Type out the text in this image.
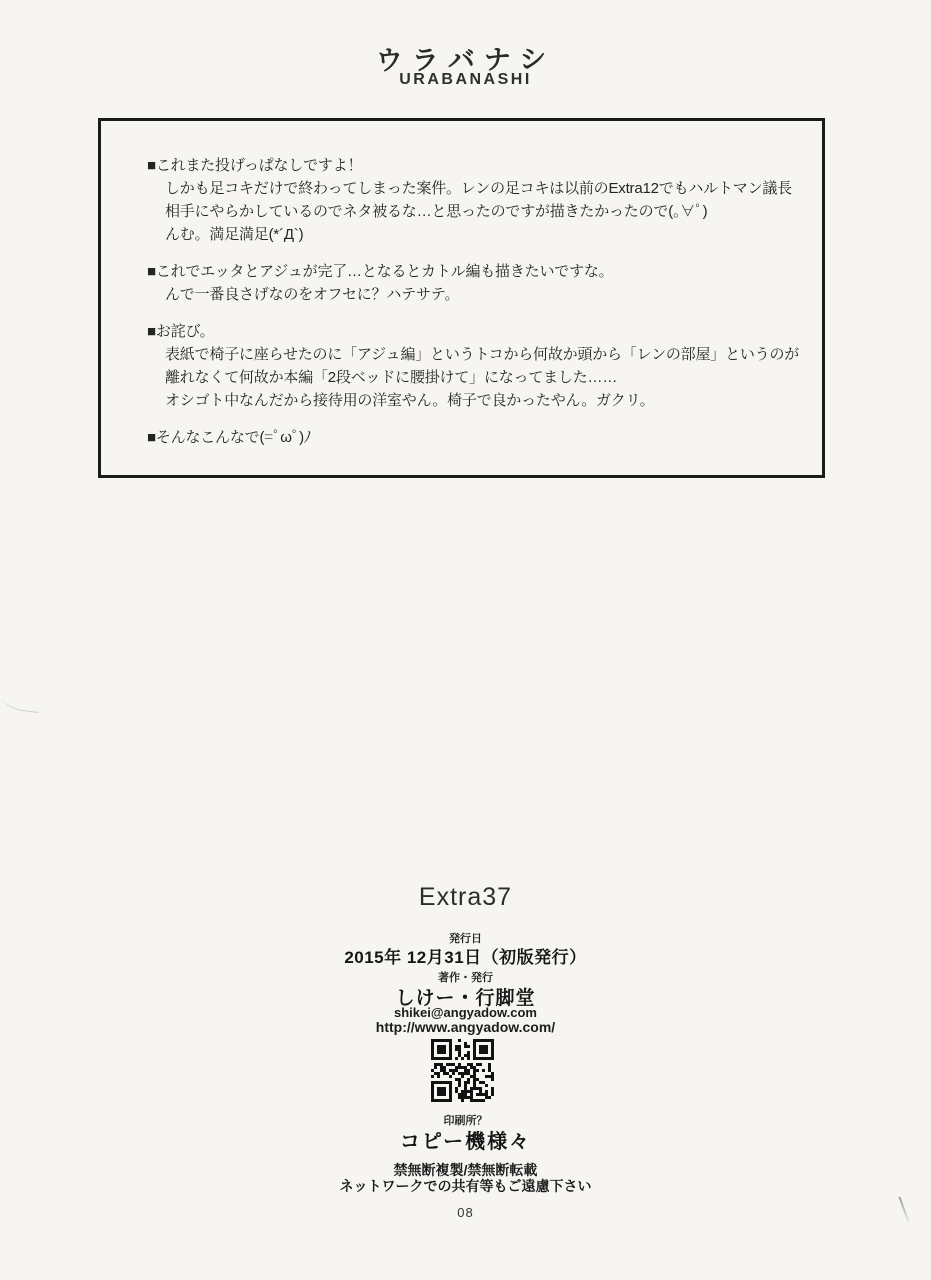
ウラバナシ
URABANASHI
■これまた投げっぱなしですよ！
しかも足コキだけで終わってしまった案件。レンの足コキは以前のExtra12でもハルトマン議長
相手にやらかしているのでネタ被るな…と思ったのですが描きたかったので(｡∀ﾟ)
んむ。満足満足(*´Д`)
■これでエッタとアジュが完了…となるとカトル編も描きたいですな。
んで一番良さげなのをオフセに？ハテサテ。
■お詫び。
表紙で椅子に座らせたのに「アジュ編」というトコから何故か頭から「レンの部屋」というのが
離れなくて何故か本編「2段ベッドに腰掛けて」になってました……
オシゴト中なんだから接待用の洋室やん。椅子で良かったやん。ガクリ。
■そんなこんなで(=ﾟωﾟ)ﾉ
Extra37
発行日
2015年 12月31日（初版発行）
著作・発行
しけー・行脚堂
shikei@angyadow.com
http://www.angyadow.com/
印刷所？
コピー機様々
禁無断複製/禁無断転載
ネットワークでの共有等もご遠慮下さい
08
